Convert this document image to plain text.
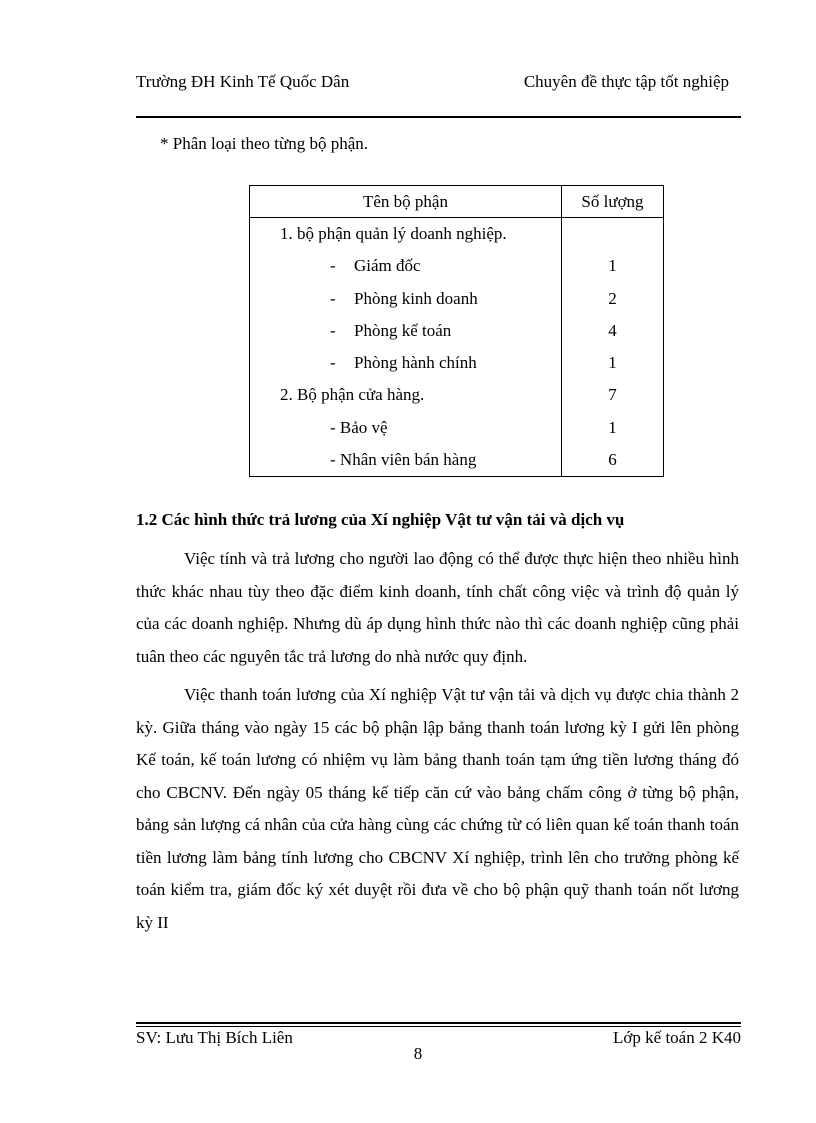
Trường ĐH Kinh Tế Quốc Dân	Chuyên đề thực tập tốt nghiệp
* Phân loại theo từng bộ phận.
Tên bộ phận	Số lượng
1. bộ phận quản lý doanh nghiệp.	
- Giám đốc	1
- Phòng kinh doanh	2
- Phòng kế toán	4
- Phòng hành chính	1
2. Bộ phận cửa hàng.	7
- Bảo vệ	1
- Nhân viên bán hàng	6
1.2 Các hình thức trả lương của Xí nghiệp Vật tư vận tải và dịch vụ

Việc tính và trả lương cho người lao động có thể được thực hiện theo nhiều hình thức khác nhau tùy theo đặc điểm kinh doanh, tính chất công việc và trình độ quản lý của các doanh nghiệp. Nhưng dù áp dụng hình thức nào thì các doanh nghiệp cũng phải tuân theo các nguyên tắc trả lương do nhà nước quy định.

Việc thanh toán lương của Xí nghiệp Vật tư vận tải và dịch vụ được chia thành 2 kỳ. Giữa tháng vào ngày 15 các bộ phận lập bảng thanh toán lương kỳ I gửi lên phòng Kế toán, kế toán lương có nhiệm vụ làm bảng thanh toán tạm ứng tiền lương tháng đó cho CBCNV. Đến ngày 05 tháng kế tiếp căn cứ vào bảng chấm công ở từng bộ phận, bảng sản lượng cá nhân của cửa hàng cùng các chứng từ có liên quan kế toán thanh toán tiền lương làm bảng tính lương cho CBCNV Xí nghiệp, trình lên cho trưởng phòng kế toán kiểm tra, giám đốc ký xét duyệt rồi đưa về cho bộ phận quỹ thanh toán nốt lương kỳ II

SV: Lưu Thị Bích Liên	Lớp kế toán 2 K40
8
